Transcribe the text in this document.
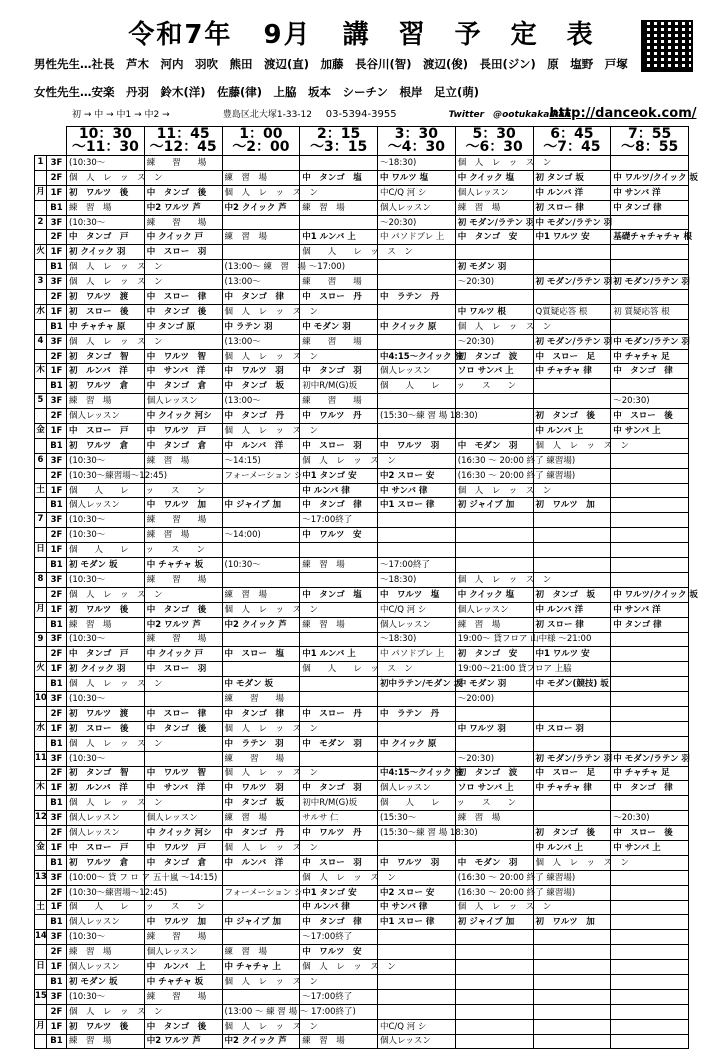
令和7年 9月 講　習　予　定　表
男性先生…社長　芦木　河内　羽吹　熊田　渡辺(直)　加藤　長谷川(智)　渡辺(俊)　長田(ジン)　原　塩野　戸塚
女性先生…安楽　丹羽　鈴木(洋)　佐藤(律)　上脇　坂本　シーチン　根岸　足立(萌)
初 → 中 → 中1 → 中2 →	豊島区北大塚1-33-12 03-5394-3955	Twitter　@ootukakaikan http://danceok.com/
		10：30
～11：30	11：45
～12：45	1：00
～2：00	2：15
～3：15	3：30
～4：30	5：30
～6：30	6：45
～7：45	7：55
～8：55
1	3F	(10:30～	練　　習　　場			～18:30)	個　人　レ　ッ　ス　ン		
	2F	個　人　レ　ッ　ス　ン		練　習　場	中　タンゴ　塩	中 ワルツ 塩	中 クイック 塩	初 タンゴ 坂	中 ワルツ/クイック 坂
月	1F	初　ワルツ　後	中　タンゴ　後	個　人　レ　ッ　ス　ン		中C/Q 河 シ	個人レッスン	中 ルンバ 洋	中 サンバ 洋
	B1	練　習　場	中2 ワルツ 芦	中2 クイック 芦	練　習　場	個人レッスン	練　習　場	初 スロー 律	中 タンゴ 律
2	3F	(10:30～	練　　習　　場			～20:30)	初 モダン/ラテン 羽	中 モダン/ラテン 羽	
	2F	中　タンゴ　戸	中 クイック 戸	練　習　場	中1 ルンバ 上	中 パソドブレ 上	中　タンゴ　安	中1 ワルツ 安	基礎チャチャチャ 根
火	1F	初 クイック 羽	中　スロー　羽		個　　人　　レ　ッ　ス　ン				
	B1	個　人　レ　ッ　ス　ン		(13:00～ 練　習　場 ～17:00)			初 モダン 羽		
3	3F	個　人　レ　ッ　ス　ン		(13:00～	練　　習　　場		～20:30)	初 モダン/ラテン 羽	初 モダン/ラテン 羽
	2F	初　ワルツ　渡	中　スロー　律	中　タンゴ　律	中　スロー　丹	中　ラテン　丹			
水	1F	初　スロー　後	中　タンゴ　後	個　人　レ　ッ　ス　ン			中 ワルツ 根	Q質疑応答 根	初 質疑応答 根
	B1	中 チャチャ 原	中 タンゴ 原	中 ラテン 羽	中 モダン 羽	中 クイック 原	個　人　レ　ッ　ス　ン		
4	3F	個　人　レ　ッ　ス　ン		(13:00～	練　　習　　場		～20:30)	初 モダン/ラテン 羽	中 モダン/ラテン 羽
	2F	初　タンゴ　智	中　ワルツ　智	個　人　レ　ッ　ス　ン		中4:15～クイック 波	初　タンゴ　波	中　スロー　足	中 チャチャ 足
木	1F	初　ルンバ　洋	中　サンバ　洋	中　ワルツ　羽	中　タンゴ　羽	個人レッスン	ソロ サンバ 上	中 チャチャ 律	中　タンゴ　律
	B1	初　ワルツ　倉	中　タンゴ　倉	中　タンゴ　坂	初中R/M(G)坂	個　　人　　レ　　ッ　　ス　　ン			
5	3F	練　習　場	個人レッスン	(13:00～	練　　習　　場				～20:30)
	2F	個人レッスン	中 クイック 河シ	中　タンゴ　丹	中　ワルツ　丹	(15:30～練 習 場 18:30)		初　タンゴ　後	中　スロー　後
金	1F	中　スロー　戸	中　ワルツ　戸	個　人　レ　ッ　ス　ン				中 ルンバ 上	中 サンバ 上
	B1	初　ワルツ　倉	中　タンゴ　倉	中　ルンバ　洋	中　スロー　羽	中　ワルツ　羽	中　モダン　羽	個　人　レ　ッ　ス　ン	
6	3F	(10:30～	練　習　場	～14:15)	個　人　レ　ッ　ス　ン		(16:30 ～ 20:00 終了 練習場)		
	2F	(10:30～練習場～12:45)		フォーメーション シ	中1 タンゴ 安	中2 スロー 安	(16:30 ～ 20:00 終了 練習場)		
土	1F	個　　人　　レ　　ッ　　ス　　ン			中 ルンバ 律	中 サンバ 律	個　人　レ　ッ　ス　ン		
	B1	個人レッスン	中　ワルツ　加	中 ジャイブ 加	中　タンゴ　律	中1 スロー 律	初 ジャイブ 加	初　ワルツ　加	
7	3F	(10:30～	練　　習　　場		～17:00終了				
	2F	(10:30～	練　習　場	～14:00)	中　ワルツ　安				
日	1F	個　　人　　レ　　ッ　　ス　　ン							
	B1	初 モダン 坂	中 チャチャ 坂	(10:30～	練　習　場	～17:00終了			
8	3F	(10:30～	練　　習　　場			～18:30)	個　人　レ　ッ　ス　ン		
	2F	個　人　レ　ッ　ス　ン		練　習　場	中　タンゴ　塩	中　ワルツ　塩	中 クイック 塩	初　タンゴ　坂	中 ワルツ/クイック 坂
月	1F	初　ワルツ　後	中　タンゴ　後	個　人　レ　ッ　ス　ン		中C/Q 河 シ	個人レッスン	中 ルンバ 洋	中 サンバ 洋
	B1	練　習　場	中2 ワルツ 芦	中2 クイック 芦	練　習　場	個人レッスン	練　習　場	初 スロー 律	中 タンゴ 律
9	3F	(10:30～	練　　習　　場			～18:30)	19:00～ 貸フロア 山中様 ～21:00		
	2F	中　タンゴ　戸	中 クイック 戸	中　スロー　塩	中1 ルンバ 上	中 パソドブレ 上	初　タンゴ　安	中1 ワルツ 安	
火	1F	初 クイック 羽	中　スロー　羽		個　　人　　レ　ッ　ス　ン		19:00～21:00 貸フロア 上脇		
	B1	個　人　レ　ッ　ス　ン		中 モダン 坂		初中ラテン/モダン 坂	中 モダン 羽	中 モダン(競技) 坂	
10	3F	(10:30～		練　　習　　場			～20:00)		
	2F	初　ワルツ　渡	中　スロー　律	中　タンゴ　律	中　スロー　丹	中　ラテン　丹			
水	1F	初　スロー　後	中　タンゴ　後	個　人　レ　ッ　ス　ン			中 ワルツ 羽	中 スロー 羽	
	B1	個　人　レ　ッ　ス　ン		中　ラテン　羽	中　モダン　羽	中 クイック 原			
11	3F	(10:30～		練　　習　　場			～20:30)	初 モダン/ラテン 羽	中 モダン/ラテン 羽
	2F	初　タンゴ　智	中　ワルツ　智	個　人　レ　ッ　ス　ン		中4:15～クイック 波	初　タンゴ　波	中　スロー　足	中 チャチャ 足
木	1F	初　ルンバ　洋	中　サンバ　洋	中　ワルツ　羽	中　タンゴ　羽	個人レッスン	ソロ サンバ 上	中 チャチャ 律	中　タンゴ　律
	B1	個　人　レ　ッ　ス　ン		中　タンゴ　坂	初中R/M(G)坂	個　　人　　レ　　ッ　　ス　　ン			
12	3F	個人レッスン	個人レッスン	練　習　場	サルサ 仁	(15:30～	練　習　場		～20:30)
	2F	個人レッスン	中 クイック 河シ	中　タンゴ　丹	中　ワルツ　丹	(15:30～練 習 場 18:30)		初　タンゴ　後	中　スロー　後
金	1F	中　スロー　戸	中　ワルツ　戸	個　人　レ　ッ　ス　ン				中 ルンバ 上	中 サンバ 上
	B1	初　ワルツ　倉	中　タンゴ　倉	中　ルンバ　洋	中　スロー　羽	中　ワルツ　羽	中　モダン　羽	個　人　レ　ッ　ス　ン	
13	3F	(10:00～ 貸 フ ロ ア 五十嵐 ～14:15)			個　人　レ　ッ　ス　ン		(16:30 ～ 20:00 終了 練習場)		
	2F	(10:30～練習場～12:45)		フォーメーション シ	中1 タンゴ 安	中2 スロー 安	(16:30 ～ 20:00 終了 練習場)		
土	1F	個　　人　　レ　　ッ　　ス　　ン			中 ルンバ 律	中 サンバ 律	個　人　レ　ッ　ス　ン		
	B1	個人レッスン	中　ワルツ　加	中 ジャイブ 加	中　タンゴ　律	中1 スロー 律	初 ジャイブ 加	初　ワルツ　加	
14	3F	(10:30～	練　　習　　場		～17:00終了				
	2F	練　習　場	個人レッスン	練　習　場	中　ワルツ　安				
日	1F	個人レッスン	中　ルンバ　上	中 チャチャ 上	個　人　レ　ッ　ス　ン				
	B1	初 モダン 坂	中 チャチャ 坂	個　人　レ　ッ　ス　ン					
15	3F	(10:30～	練　　習　　場		～17:00終了				
	2F	個　人　レ　ッ　ス　ン		(13:00 ～ 練 習 場 ～ 17:00終了)					
月	1F	初　ワルツ　後	中　タンゴ　後	個　人　レ　ッ　ス　ン		中C/Q 河 シ			
	B1	練　習　場	中2 ワルツ 芦	中2 クイック 芦	練　習　場	個人レッスン			
